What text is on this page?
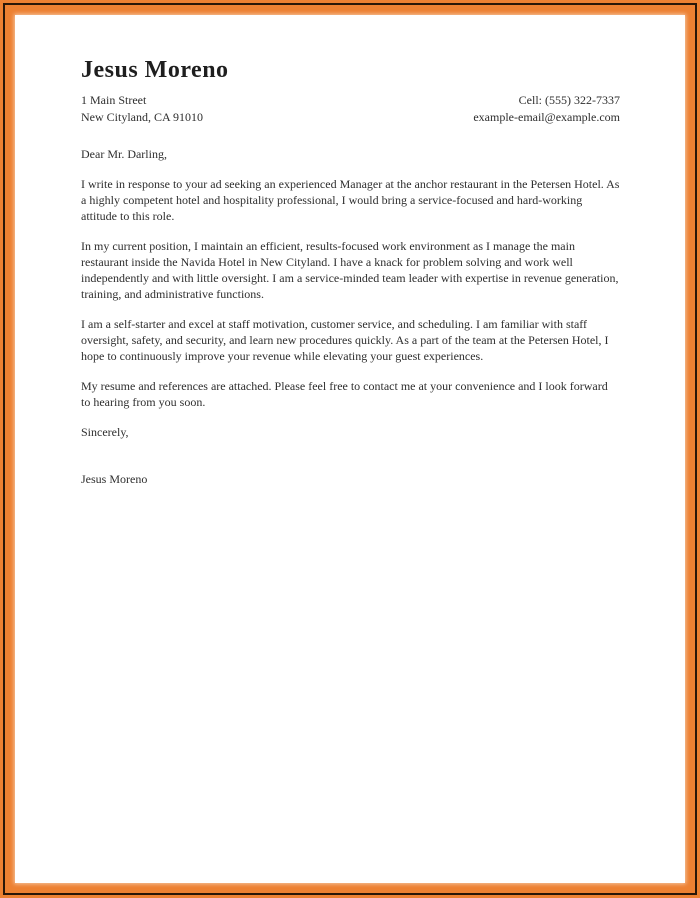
Jesus Moreno
1 Main Street
New Cityland, CA 91010
Cell: (555) 322-7337
example-email@example.com
Dear Mr. Darling,

I write in response to your ad seeking an experienced Manager at the anchor restaurant in the Petersen Hotel. As a highly competent hotel and hospitality professional, I would bring a service-focused and hard-working attitude to this role.

In my current position, I maintain an efficient, results-focused work environment as I manage the main restaurant inside the Navida Hotel in New Cityland. I have a knack for problem solving and work well independently and with little oversight. I am a service-minded team leader with expertise in revenue generation, training, and administrative functions.

I am a self-starter and excel at staff motivation, customer service, and scheduling. I am familiar with staff oversight, safety, and security, and learn new procedures quickly. As a part of the team at the Petersen Hotel, I hope to continuously improve your revenue while elevating your guest experiences.

My resume and references are attached. Please feel free to contact me at your convenience and I look forward to hearing from you soon.

Sincerely,
Jesus Moreno
